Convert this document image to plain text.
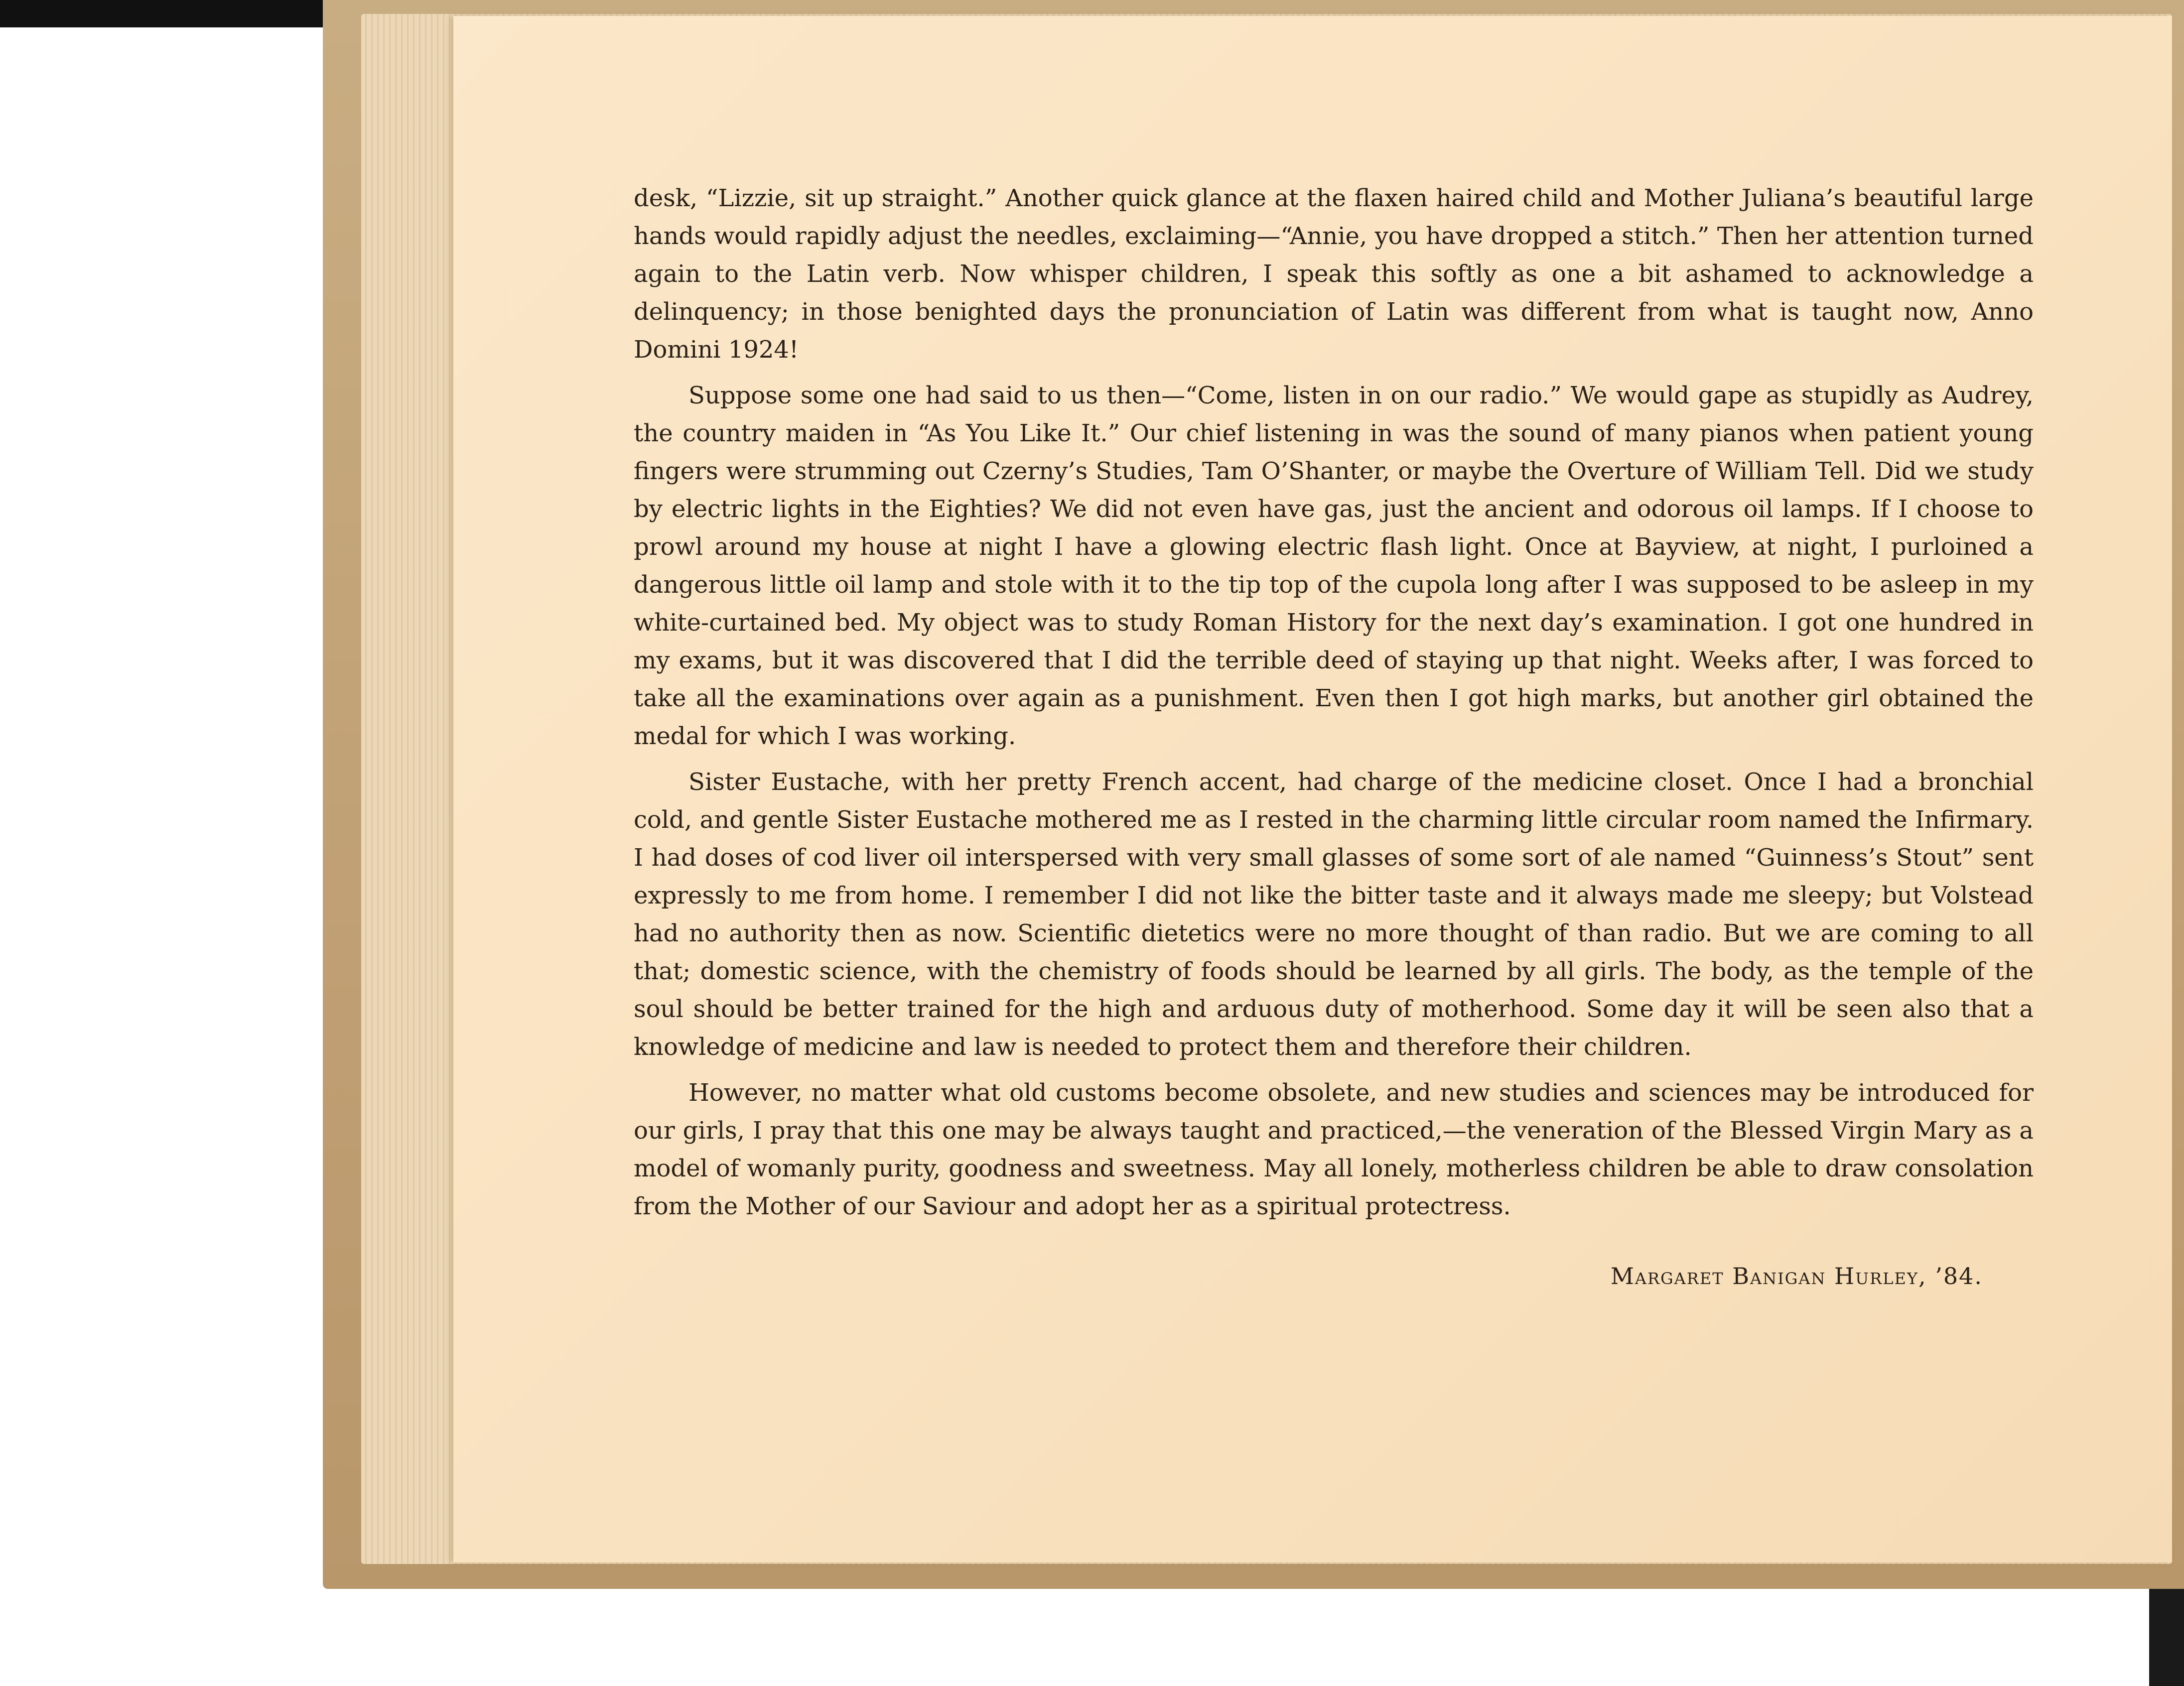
desk, “Lizzie, sit up straight.” Another quick glance at the flaxen haired child and Mother Juliana’s beautiful large hands would rapidly adjust the needles, exclaiming—“Annie, you have dropped a stitch.” Then her attention turned again to the Latin verb. Now whisper children, I speak this softly as one a bit ashamed to acknowledge a delinquency; in those benighted days the pronunciation of Latin was different from what is taught now, Anno Domini 1924!

Suppose some one had said to us then—“Come, listen in on our radio.” We would gape as stupidly as Audrey, the country maiden in “As You Like It.” Our chief listening in was the sound of many pianos when patient young fingers were strumming out Czerny’s Studies, Tam O’Shanter, or maybe the Overture of William Tell. Did we study by electric lights in the Eighties? We did not even have gas, just the ancient and odorous oil lamps. If I choose to prowl around my house at night I have a glowing electric flash light. Once at Bayview, at night, I purloined a dangerous little oil lamp and stole with it to the tip top of the cupola long after I was supposed to be asleep in my white-curtained bed. My object was to study Roman History for the next day’s examination. I got one hundred in my exams, but it was discovered that I did the terrible deed of staying up that night. Weeks after, I was forced to take all the examinations over again as a punishment. Even then I got high marks, but another girl obtained the medal for which I was working.

Sister Eustache, with her pretty French accent, had charge of the medicine closet. Once I had a bronchial cold, and gentle Sister Eustache mothered me as I rested in the charming little circular room named the Infirmary. I had doses of cod liver oil interspersed with very small glasses of some sort of ale named “Guinness’s Stout” sent expressly to me from home. I remember I did not like the bitter taste and it always made me sleepy; but Volstead had no authority then as now. Scientific dietetics were no more thought of than radio. But we are coming to all that; domestic science, with the chemistry of foods should be learned by all girls. The body, as the temple of the soul should be better trained for the high and arduous duty of motherhood. Some day it will be seen also that a knowledge of medicine and law is needed to protect them and therefore their children.

However, no matter what old customs become obsolete, and new studies and sciences may be introduced for our girls, I pray that this one may be always taught and practiced,—the veneration of the Blessed Virgin Mary as a model of womanly purity, goodness and sweetness. May all lonely, motherless children be able to draw consolation from the Mother of our Saviour and adopt her as a spiritual protectress.

Margaret Banigan Hurley, ’84.
